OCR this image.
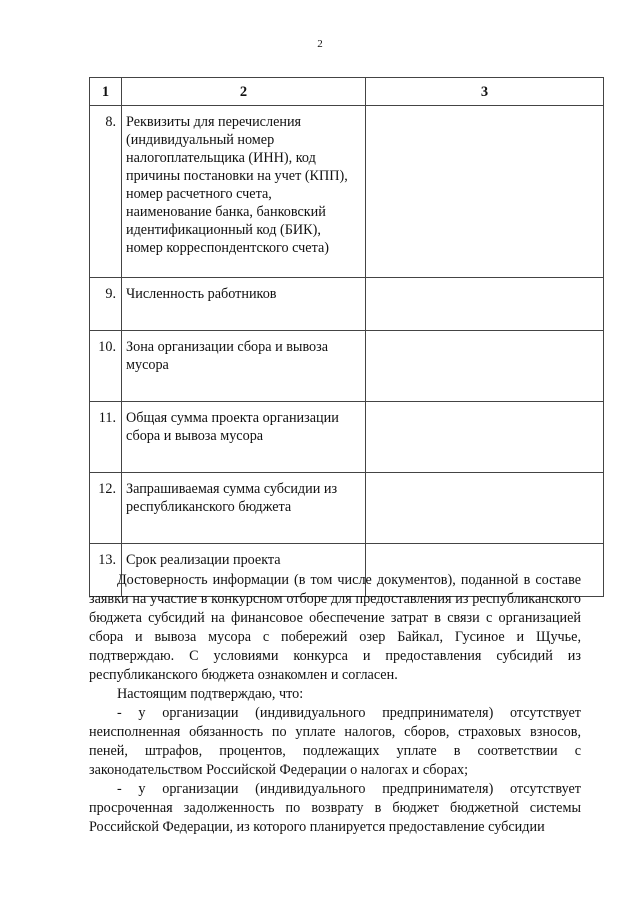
2
1	2	3
8.	Реквизиты для перечисления (индивидуальный номер налогоплательщика (ИНН), код причины постановки на учет (КПП), номер расчетного счета, наименование банка, банковский идентификационный код (БИК), номер корреспондентского счета)	
9.	Численность работников	
10.	Зона организации сбора и вывоза мусора	
11.	Общая сумма проекта организации сбора и вывоза мусора	
12.	Запрашиваемая сумма субсидии из республиканского бюджета	
13.	Срок реализации проекта	

Достоверность информации (в том числе документов), поданной в составе заявки на участие в конкурсном отборе для предоставления из республиканского бюджета субсидий на финансовое обеспечение затрат в связи с организацией сбора и вывоза мусора с побережий озер Байкал, Гусиное и Щучье, подтверждаю. С условиями конкурса и предоставления субсидий из республиканского бюджета ознакомлен и согласен.

Настоящим подтверждаю, что:

- у организации (индивидуального предпринимателя) отсутствует неисполненная обязанность по уплате налогов, сборов, страховых взносов, пеней, штрафов, процентов, подлежащих уплате в соответствии с законодательством Российской Федерации о налогах и сборах;

- у организации (индивидуального предпринимателя) отсутствует просроченная задолженность по возврату в бюджет бюджетной системы Российской Федерации, из которого планируется предоставление субсидии
